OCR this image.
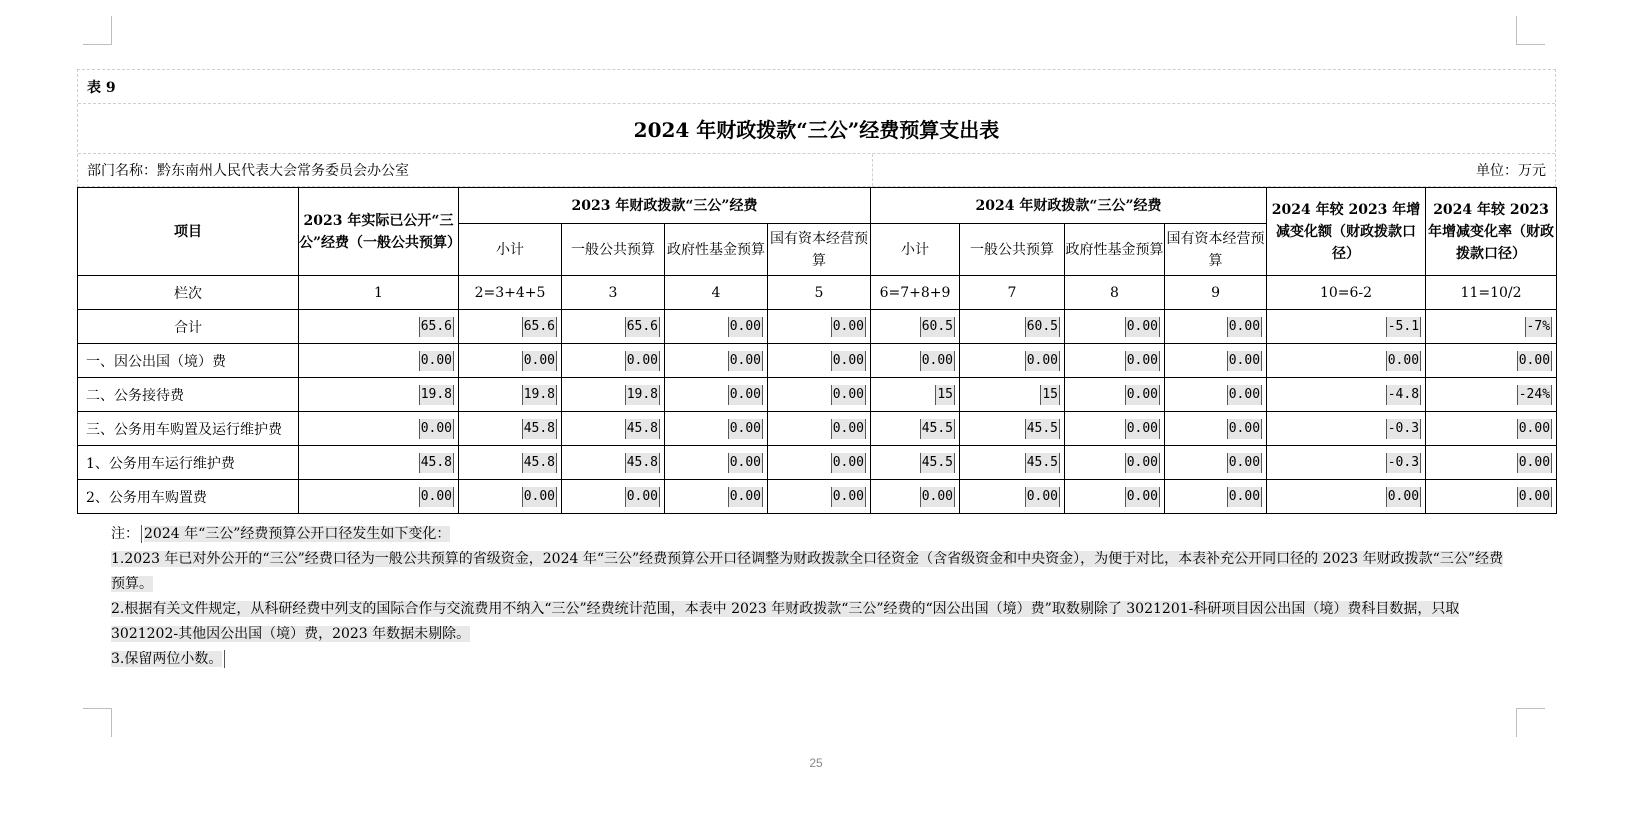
表 9
2024 年财政拨款“三公”经费预算支出表
部门名称：黔东南州人民代表大会常务委员会办公室	单位：万元
项目	2023 年实际已公开“三公”经费（一般公共预算）	2023 年财政拨款“三公”经费				2024 年财政拨款“三公”经费				2024 年较 2023 年增减变化额（财政拨款口径）	2024 年较 2023 年增减变化率（财政拨款口径）
		小计	一般公共预算	政府性基金预算	国有资本经营预算	小计	一般公共预算	政府性基金预算	国有资本经营预算		
栏次	1	2=3+4+5	3	4	5	6=7+8+9	7	8	9	10=6-2	11=10/2
合计	65.6	65.6	65.6	0.00	0.00	60.5	60.5	0.00	0.00	-5.1	-7%
一、因公出国（境）费	0.00	0.00	0.00	0.00	0.00	0.00	0.00	0.00	0.00	0.00	0.00
二、公务接待费	19.8	19.8	19.8	0.00	0.00	15	15	0.00	0.00	-4.8	-24%
三、公务用车购置及运行维护费	0.00	45.8	45.8	0.00	0.00	45.5	45.5	0.00	0.00	-0.3	0.00
1、公务用车运行维护费	45.8	45.8	45.8	0.00	0.00	45.5	45.5	0.00	0.00	-0.3	0.00
2、公务用车购置费	0.00	0.00	0.00	0.00	0.00	0.00	0.00	0.00	0.00	0.00	0.00
注： 2024 年“三公”经费预算公开口径发生如下变化：
1.2023 年已对外公开的“三公”经费口径为一般公共预算的省级资金，2024 年“三公”经费预算公开口径调整为财政拨款全口径资金（含省级资金和中央资金），为便于对比，本表补充公开同口径的 2023 年财政拨款“三公”经费预算。
2.根据有关文件规定，从科研经费中列支的国际合作与交流费用不纳入“三公”经费统计范围，本表中 2023 年财政拨款“三公”经费的“因公出国（境）费”取数剔除了 3021201-科研项目因公出国（境）费科目数据，只取 3021202-其他因公出国（境）费，2023 年数据未剔除。
3.保留两位小数。
25
